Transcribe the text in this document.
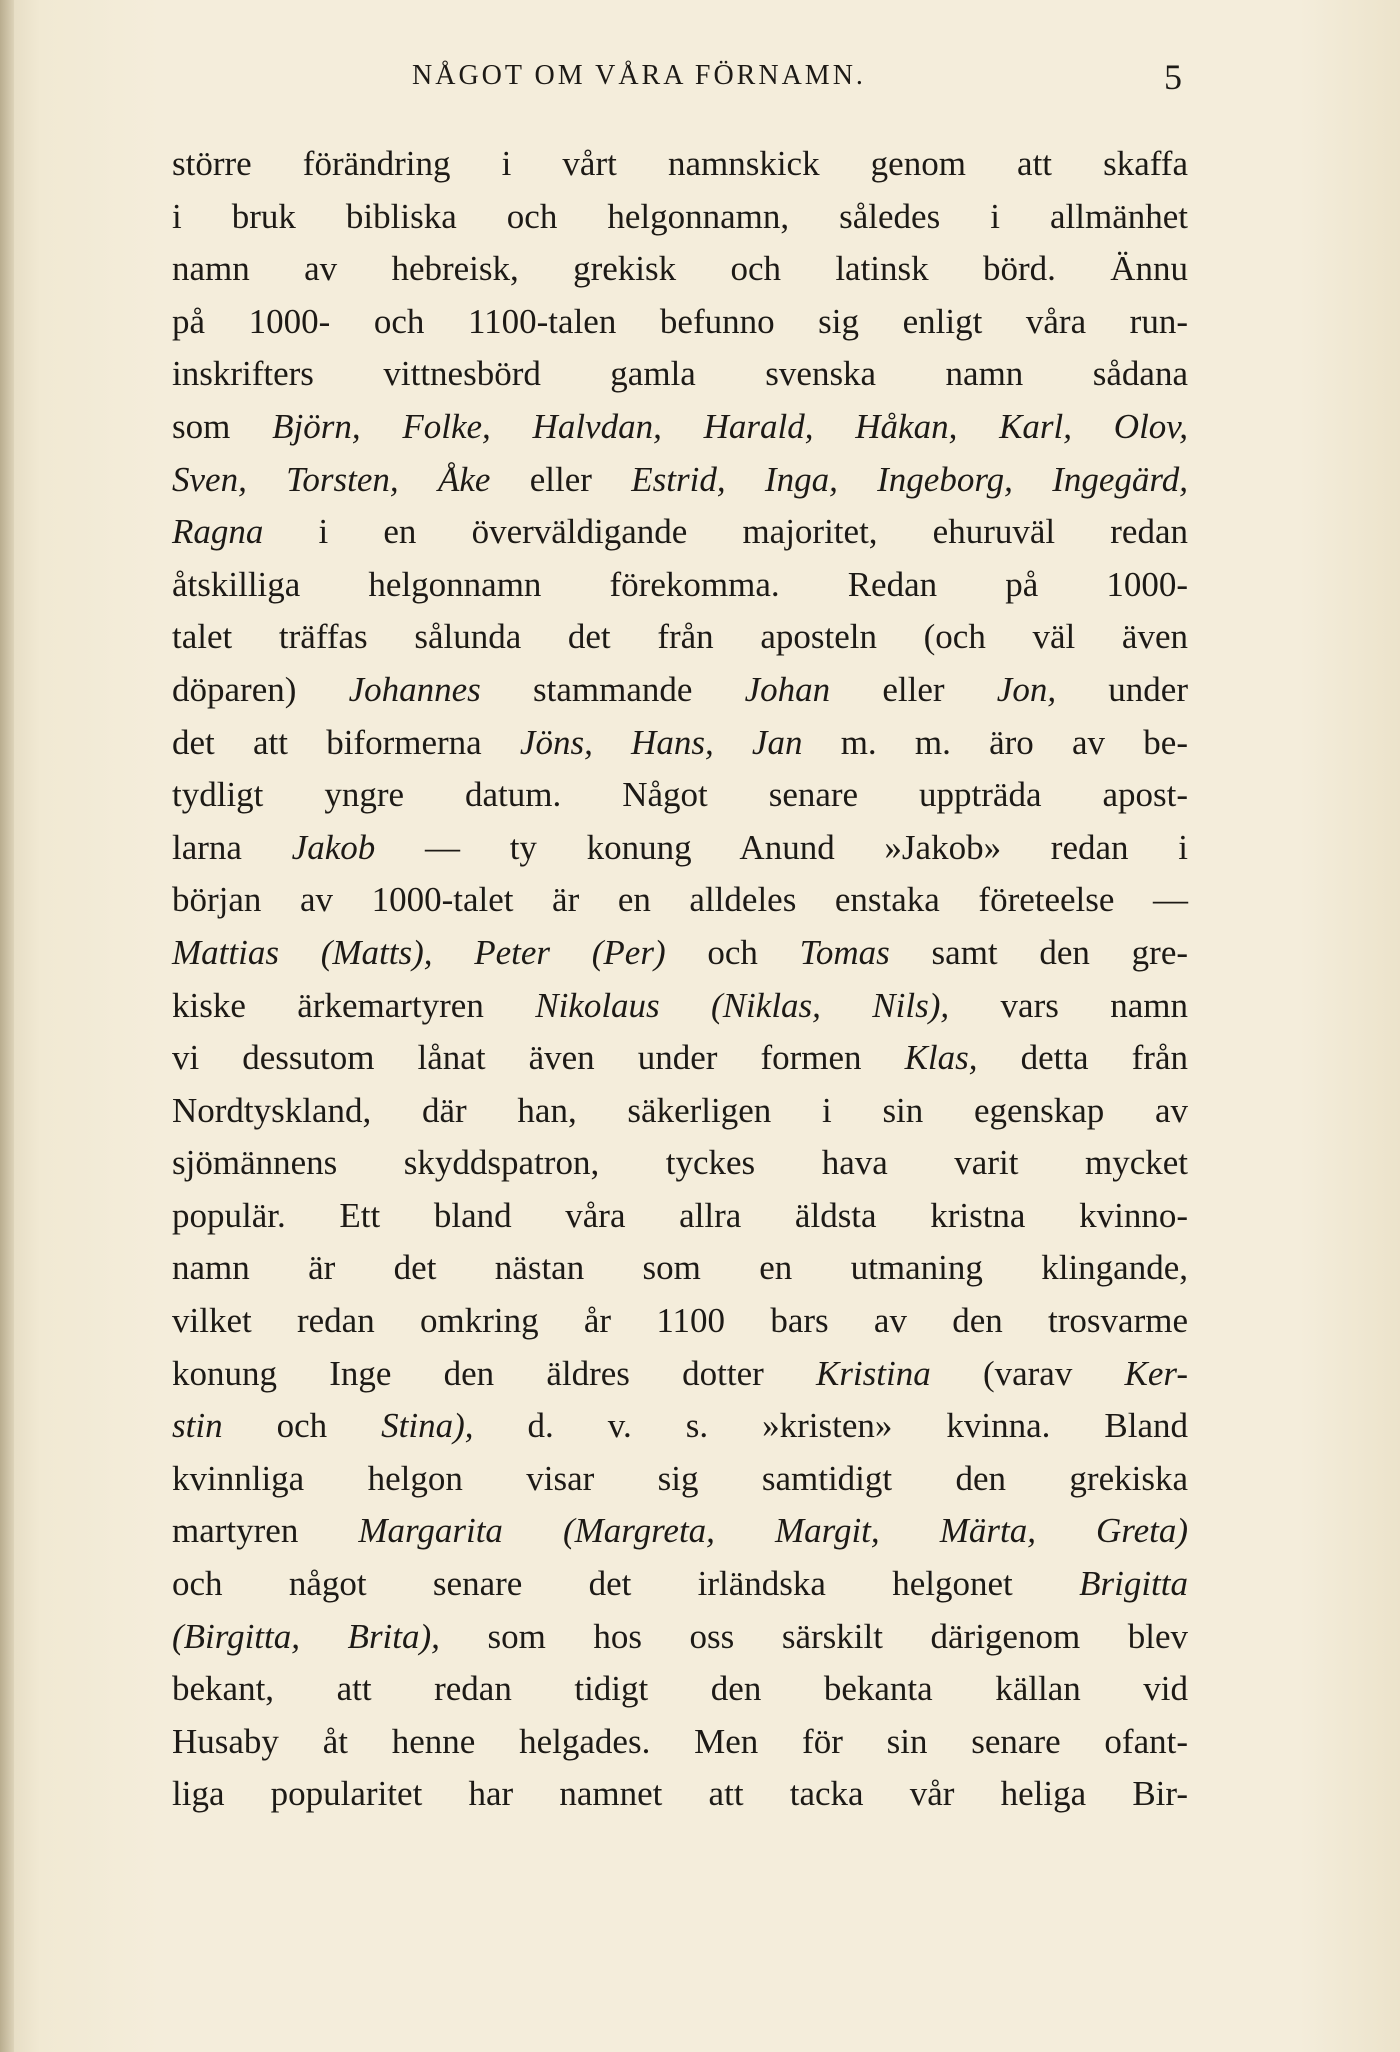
NÅGOT OM VÅRA FÖRNAMN.	5
större förändring i vårt namnskick genom att skaffa
i bruk bibliska och helgonnamn, således i allmänhet
namn av hebreisk, grekisk och latinsk börd. Ännu
på 1000- och 1100-talen befunno sig enligt våra run-
inskrifters vittnesbörd gamla svenska namn sådana
som Björn, Folke, Halvdan, Harald, Håkan, Karl, Olov,
Sven, Torsten, Åke eller Estrid, Inga, Ingeborg, Ingegärd,
Ragna i en överväldigande majoritet, ehuruväl redan
åtskilliga helgonnamn förekomma. Redan på 1000-
talet träffas sålunda det från aposteln (och väl även
döparen) Johannes stammande Johan eller Jon, under
det att biformerna Jöns, Hans, Jan m. m. äro av be-
tydligt yngre datum. Något senare uppträda apost-
larna Jakob — ty konung Anund »Jakob» redan i
början av 1000-talet är en alldeles enstaka företeelse —
Mattias (Matts), Peter (Per) och Tomas samt den gre-
kiske ärkemartyren Nikolaus (Niklas, Nils), vars namn
vi dessutom lånat även under formen Klas, detta från
Nordtyskland, där han, säkerligen i sin egenskap av
sjömännens skyddspatron, tyckes hava varit mycket
populär. Ett bland våra allra äldsta kristna kvinno-
namn är det nästan som en utmaning klingande,
vilket redan omkring år 1100 bars av den trosvarme
konung Inge den äldres dotter Kristina (varav Ker-
stin och Stina), d. v. s. »kristen» kvinna. Bland
kvinnliga helgon visar sig samtidigt den grekiska
martyren Margarita (Margreta, Margit, Märta, Greta)
och något senare det irländska helgonet Brigitta
(Birgitta, Brita), som hos oss särskilt därigenom blev
bekant, att redan tidigt den bekanta källan vid
Husaby åt henne helgades. Men för sin senare ofant-
liga popularitet har namnet att tacka vår heliga Bir-
